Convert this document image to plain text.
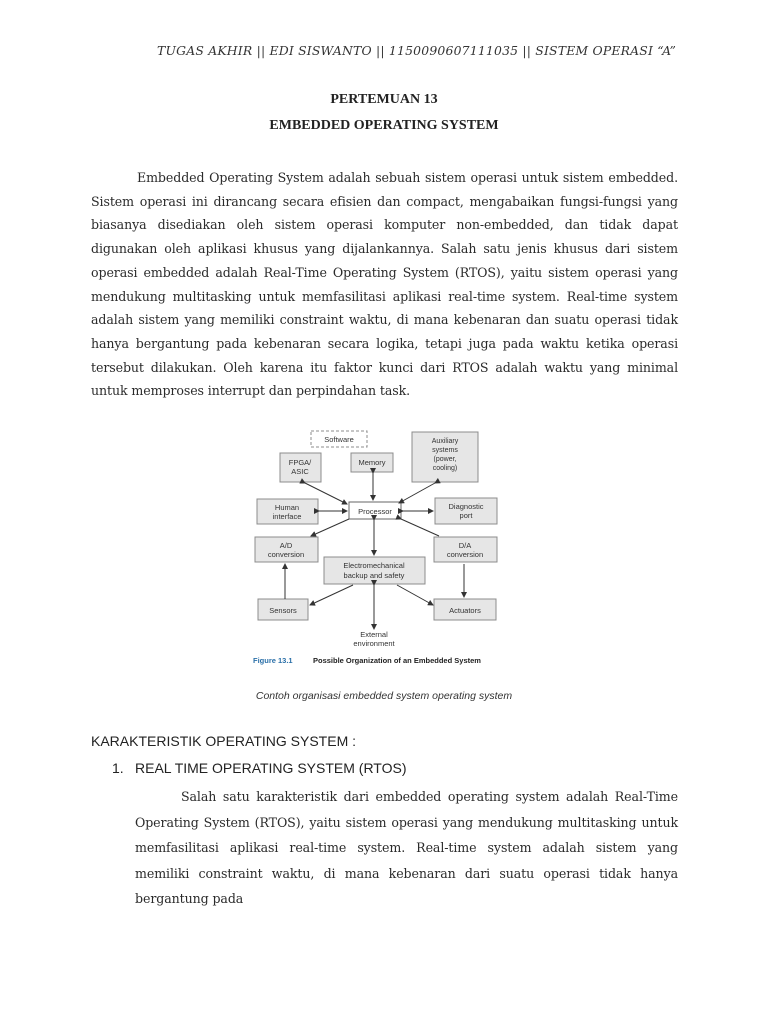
TUGAS AKHIR || EDI SISWANTO || 1150090607111035 || SISTEM OPERASI “A”
PERTEMUAN 13
EMBEDDED OPERATING SYSTEM
Embedded Operating System adalah sebuah sistem operasi untuk sistem embedded. Sistem operasi ini dirancang secara efisien dan compact, mengabaikan fungsi-fungsi yang biasanya disediakan oleh sistem operasi komputer non-embedded, dan tidak dapat digunakan oleh aplikasi khusus yang dijalankannya. Salah satu jenis khusus dari sistem operasi embedded adalah Real-Time Operating System (RTOS), yaitu sistem operasi yang mendukung multitasking untuk memfasilitasi aplikasi real-time system. Real-time system adalah sistem yang memiliki constraint waktu, di mana kebenaran dan suatu operasi tidak hanya bergantung pada kebenaran secara logika, tetapi juga pada waktu ketika operasi tersebut dilakukan. Oleh karena itu faktor kunci dari RTOS adalah waktu yang minimal untuk memproses interrupt dan perpindahan task.
Software
FPGA/
ASIC
Memory
Auxiliary
systems
(power,
cooling)
Human
interface
Processor
Diagnostic
port
A/D
conversion
D/A
conversion
Electromechanical
backup and safety
Sensors	Actuators
External
environment
Figure 13.1	Possible Organization of an Embedded System
Contoh organisasi embedded system operating system
KARAKTERISTIK OPERATING SYSTEM :
1. REAL TIME OPERATING SYSTEM (RTOS)
Salah satu karakteristik dari embedded operating system adalah Real-Time Operating System (RTOS), yaitu sistem operasi yang mendukung multitasking untuk memfasilitasi aplikasi real-time system. Real-time system adalah sistem yang memiliki constraint waktu, di mana kebenaran dari suatu operasi tidak hanya bergantung pada
